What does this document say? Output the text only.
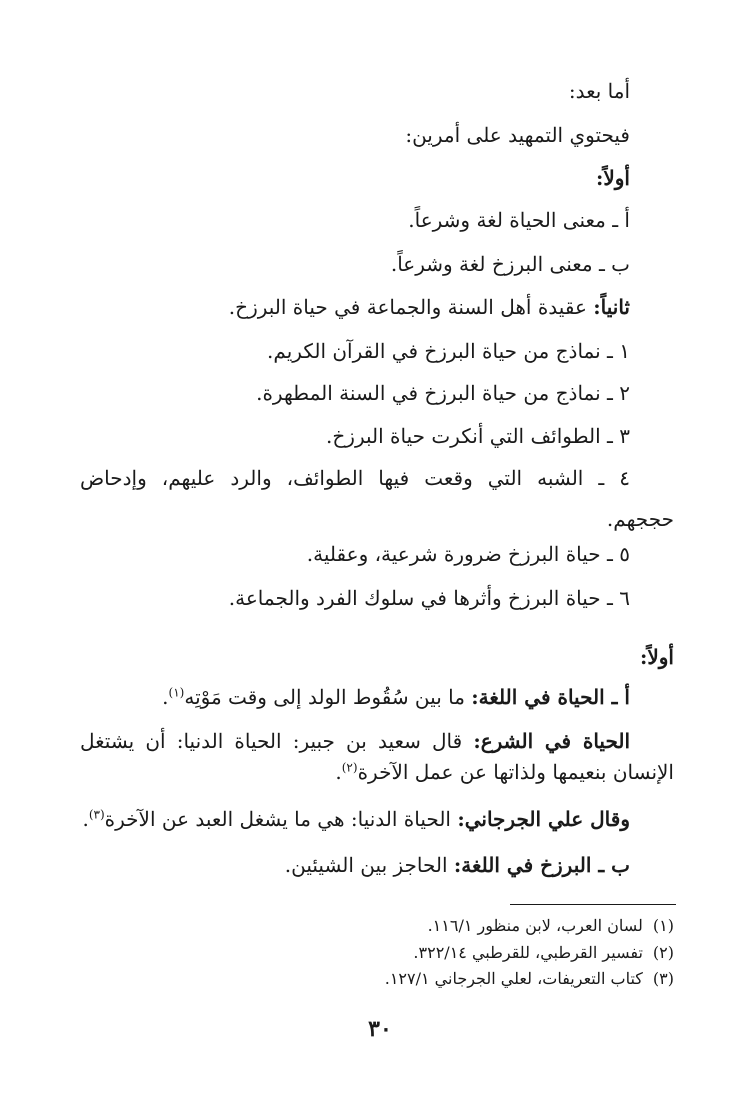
أما بعد:
فيحتوي التمهيد على أمرين:
أولاً:
أ ـ معنى الحياة لغة وشرعاً.
ب ـ معنى البرزخ لغة وشرعاً.
ثانياً: عقيدة أهل السنة والجماعة في حياة البرزخ.
١ ـ نماذج من حياة البرزخ في القرآن الكريم.
٢ ـ نماذج من حياة البرزخ في السنة المطهرة.
٣ ـ الطوائف التي أنكرت حياة البرزخ.
٤ ـ الشبه التي وقعت فيها الطوائف، والرد عليهم، وإدحاض
حججهم.
٥ ـ حياة البرزخ ضرورة شرعية، وعقلية.
٦ ـ حياة البرزخ وأثرها في سلوك الفرد والجماعة.
أولاً:
أ ـ الحياة في اللغة: ما بين سُقُوط الولد إلى وقت مَوْتِه$^{(١)}$.
الحياة في الشرع: قال سعيد بن جبير: الحياة الدنيا: أن يشتغل
الإنسان بنعيمها ولذاتها عن عمل الآخرة$^{(٢)}$.
وقال علي الجرجاني: الحياة الدنيا: هي ما يشغل العبد عن الآخرة$^{(٣)}$.
ب ـ البرزخ في اللغة: الحاجز بين الشيئين.
(١)لسان العرب، لابن منظور ١١٦/١.
(٢)تفسير القرطبي، للقرطبي ٣٢٢/١٤.
(٣)كتاب التعريفات، لعلي الجرجاني ١٢٧/١.
٣٠
